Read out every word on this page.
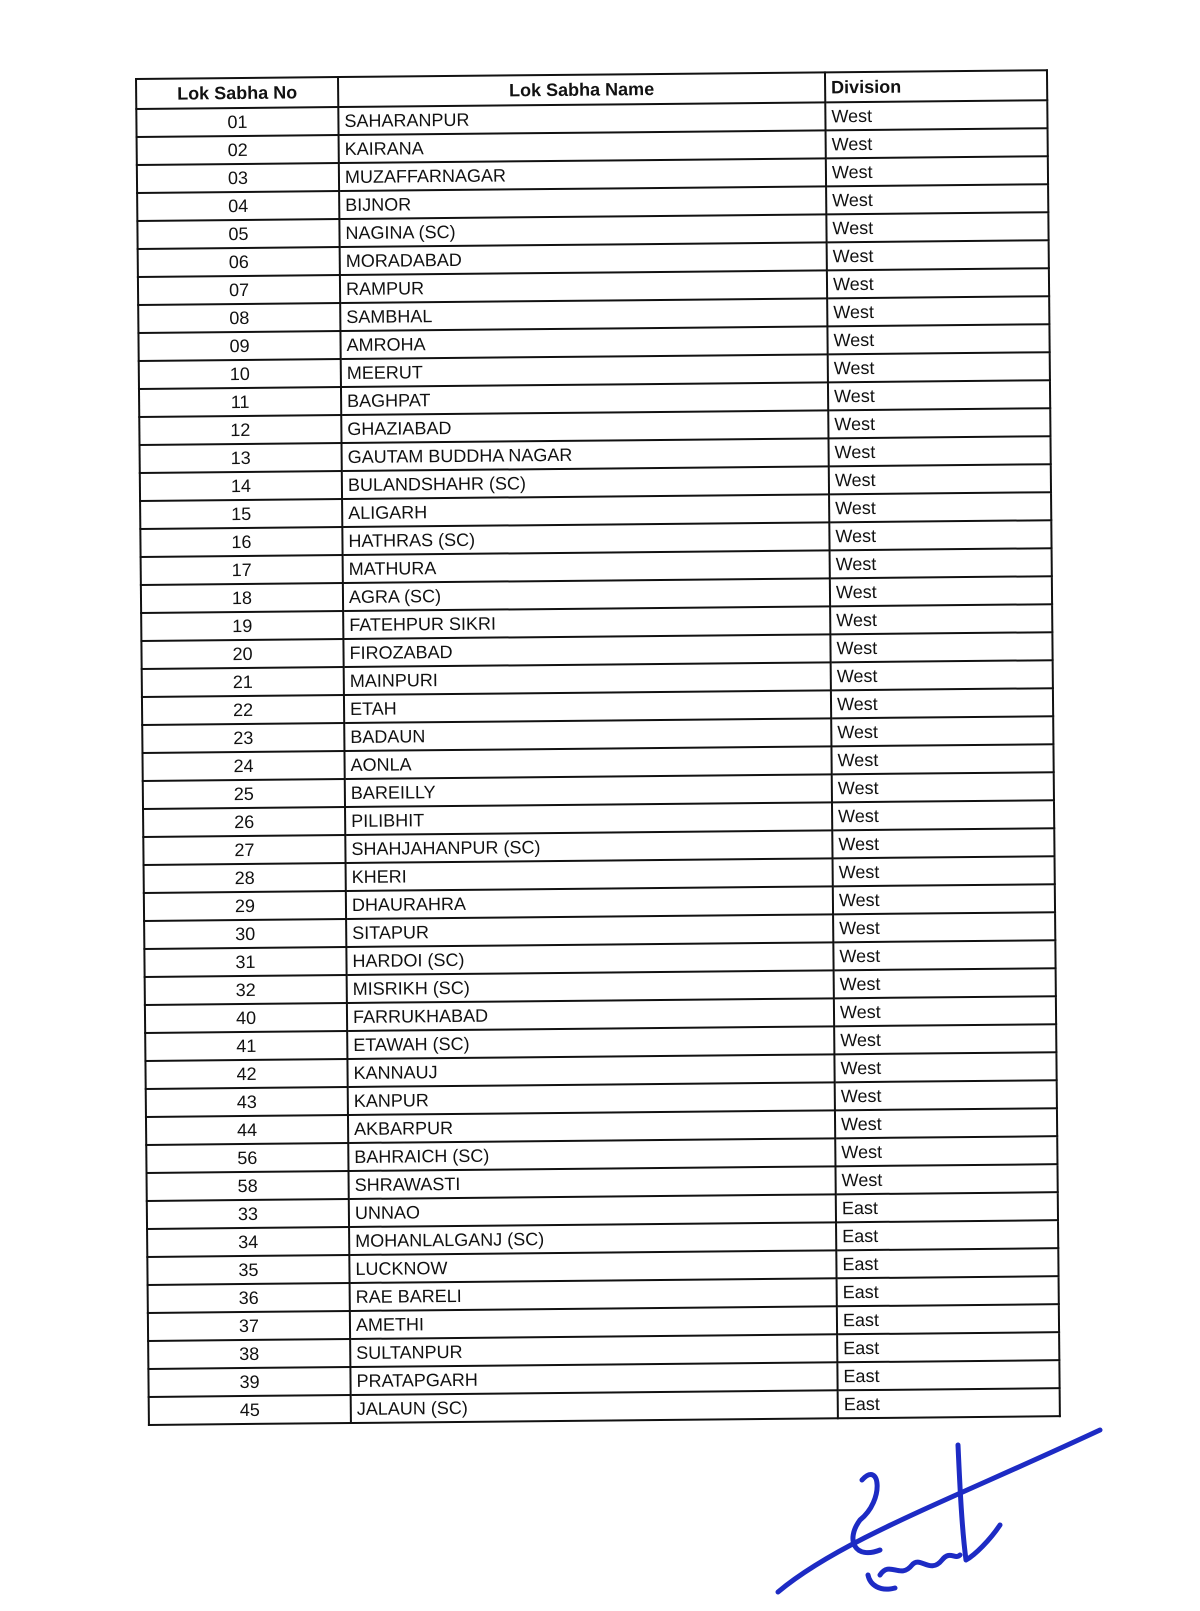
Lok Sabha No	Lok Sabha Name	Division
01	SAHARANPUR	West
02	KAIRANA	West
03	MUZAFFARNAGAR	West
04	BIJNOR	West
05	NAGINA (SC)	West
06	MORADABAD	West
07	RAMPUR	West
08	SAMBHAL	West
09	AMROHA	West
10	MEERUT	West
11	BAGHPAT	West
12	GHAZIABAD	West
13	GAUTAM BUDDHA NAGAR	West
14	BULANDSHAHR (SC)	West
15	ALIGARH	West
16	HATHRAS (SC)	West
17	MATHURA	West
18	AGRA (SC)	West
19	FATEHPUR SIKRI	West
20	FIROZABAD	West
21	MAINPURI	West
22	ETAH	West
23	BADAUN	West
24	AONLA	West
25	BAREILLY	West
26	PILIBHIT	West
27	SHAHJAHANPUR (SC)	West
28	KHERI	West
29	DHAURAHRA	West
30	SITAPUR	West
31	HARDOI (SC)	West
32	MISRIKH (SC)	West
40	FARRUKHABAD	West
41	ETAWAH (SC)	West
42	KANNAUJ	West
43	KANPUR	West
44	AKBARPUR	West
56	BAHRAICH (SC)	West
58	SHRAWASTI	West
33	UNNAO	East
34	MOHANLALGANJ (SC)	East
35	LUCKNOW	East
36	RAE BARELI	East
37	AMETHI	East
38	SULTANPUR	East
39	PRATAPGARH	East
45	JALAUN (SC)	East
